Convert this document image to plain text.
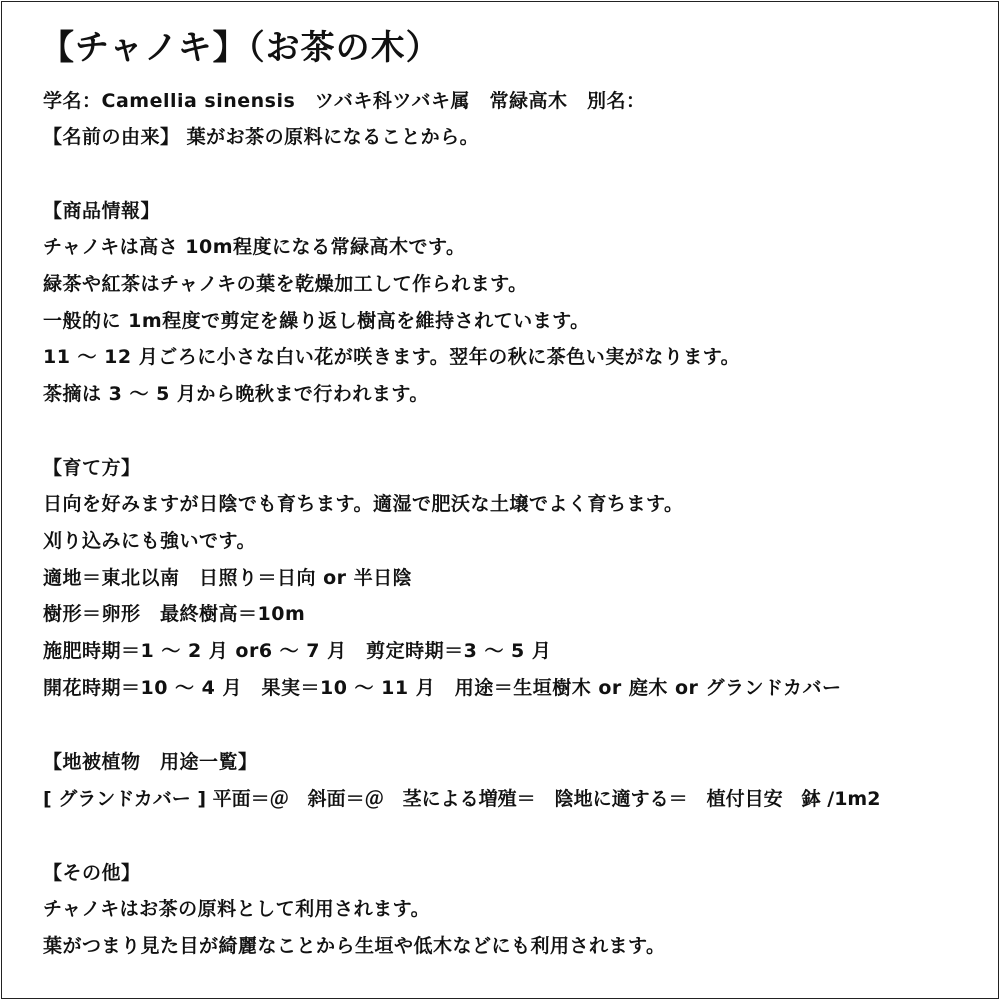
【チャノキ】（お茶の木）
学名：Camellia sinensis　ツバキ科ツバキ属　常緑高木　別名：
【名前の由来】 葉がお茶の原料になることから。
【商品情報】
チャノキは高さ 10m程度になる常緑高木です。
緑茶や紅茶はチャノキの葉を乾燥加工して作られます。
一般的に 1m程度で剪定を繰り返し樹高を維持されています。
11 ～ 12 月ごろに小さな白い花が咲きます。翌年の秋に茶色い実がなります。
茶摘は 3 ～ 5 月から晩秋まで行われます。
【育て方】
日向を好みますが日陰でも育ちます。適湿で肥沃な土壌でよく育ちます。
刈り込みにも強いです。
適地＝東北以南　日照り＝日向 or 半日陰
樹形＝卵形　最終樹高＝10m
施肥時期＝1 ～ 2 月 or6 ～ 7 月　剪定時期＝3 ～ 5 月
開花時期＝10 ～ 4 月　果実＝10 ～ 11 月　用途＝生垣樹木 or 庭木 or グランドカバー
【地被植物　用途一覧】
[ グランドカバー ] 平面＝＠　斜面＝＠　茎による増殖＝　陰地に適する＝　植付目安　鉢 /1m2
【その他】
チャノキはお茶の原料として利用されます。
葉がつまり見た目が綺麗なことから生垣や低木などにも利用されます。
